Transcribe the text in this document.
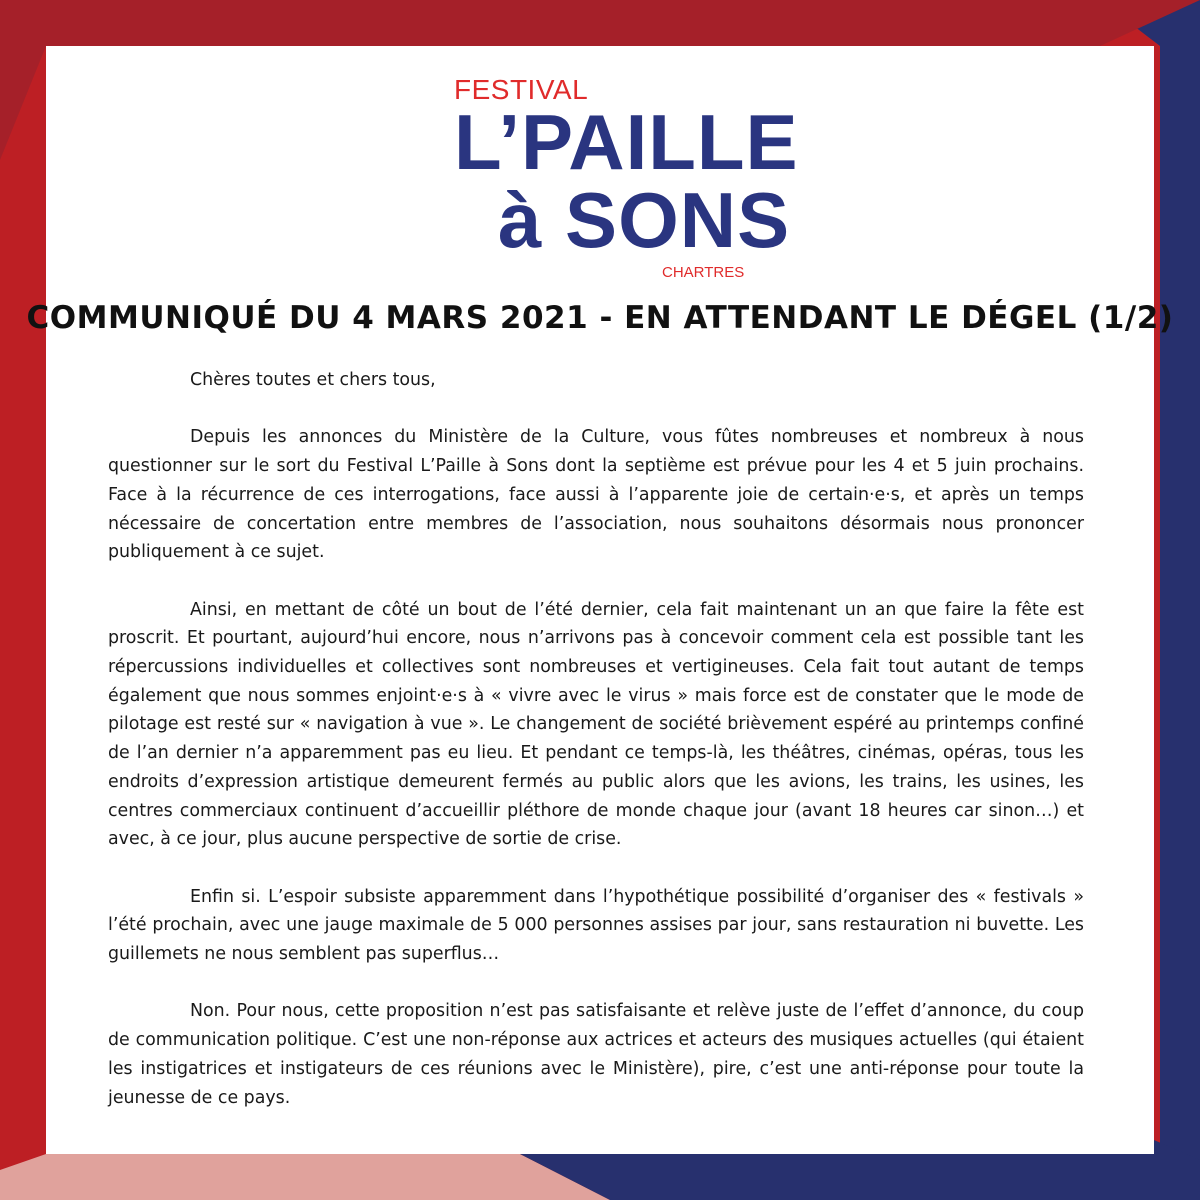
FESTIVAL
L’PAILLE
à SONS
CHARTRES
COMMUNIQUÉ DU 4 MARS 2021 - EN ATTENDANT LE DÉGEL (1/2)

Chères toutes et chers tous,

Depuis les annonces du Ministère de la Culture, vous fûtes nombreuses et nombreux à nous questionner sur le sort du Festival L’Paille à Sons dont la septième est prévue pour les 4 et 5 juin prochains. Face à la récurrence de ces interrogations, face aussi à l’apparente joie de certain·e·s, et après un temps nécessaire de concertation entre membres de l’association, nous souhaitons désormais nous prononcer publiquement à ce sujet.

Ainsi, en mettant de côté un bout de l’été dernier, cela fait maintenant un an que faire la fête est proscrit. Et pourtant, aujourd’hui encore, nous n’arrivons pas à concevoir comment cela est possible tant les répercussions individuelles et collectives sont nombreuses et vertigineuses. Cela fait tout autant de temps également que nous sommes enjoint·e·s à « vivre avec le virus » mais force est de constater que le mode de pilotage est resté sur « navigation à vue ». Le changement de société brièvement espéré au printemps confiné de l’an dernier n’a apparemment pas eu lieu. Et pendant ce temps-là, les théâtres, cinémas, opéras, tous les endroits d’expression artistique demeurent fermés au public alors que les avions, les trains, les usines, les centres commerciaux continuent d’accueillir pléthore de monde chaque jour (avant 18 heures car sinon…) et avec, à ce jour, plus aucune perspective de sortie de crise.

Enfin si. L’espoir subsiste apparemment dans l’hypothétique possibilité d’organiser des « festivals » l’été prochain, avec une jauge maximale de 5 000 personnes assises par jour, sans restauration ni buvette. Les guillemets ne nous semblent pas superflus…

Non. Pour nous, cette proposition n’est pas satisfaisante et relève juste de l’effet d’annonce, du coup de communication politique. C’est une non-réponse aux actrices et acteurs des musiques actuelles (qui étaient les instigatrices et instigateurs de ces réunions avec le Ministère), pire, c’est une anti-réponse pour toute la jeunesse de ce pays.
